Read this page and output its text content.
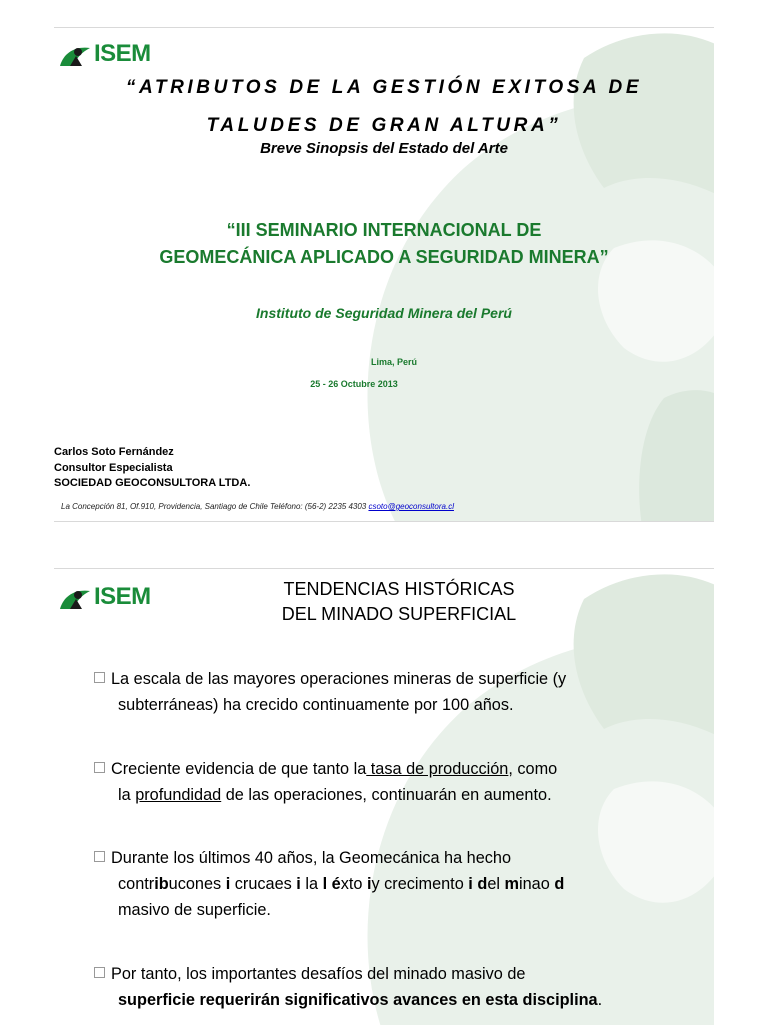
ISEM
“ATRIBUTOS DE LA GESTIÓN EXITOSA DE
TALUDES DE GRAN ALTURA”
Breve Sinopsis del Estado del Arte
“III SEMINARIO INTERNACIONAL DE
GEOMECÁNICA APLICADO A SEGURIDAD MINERA”
Instituto de Seguridad Minera del Perú
Lima, Perú
25 - 26 Octubre 2013
Carlos Soto Fernández
Consultor Especialista
SOCIEDAD GEOCONSULTORA LTDA.
La Concepción 81, Of.910, Providencia, Santiago de Chile Teléfono: (56-2) 2235 4303 csoto@geoconsultora.cl
ISEM	TENDENCIAS HISTÓRICAS
DEL MINADO SUPERFICIAL
La escala de las mayores operaciones mineras de superficie (y
subterráneas) ha crecido continuamente por 100 años.
Creciente evidencia de que tanto la tasa de producción, como
la profundidad de las operaciones, continuarán en aumento.
Durante los últimos 40 años, la Geomecánica ha hecho
contribucones i crucaes i la l éxto iy crecimento i del minao d
masivo de superficie.
Por tanto, los importantes desafíos del minado masivo de
superficie requerirán significativos avances en esta disciplina.
